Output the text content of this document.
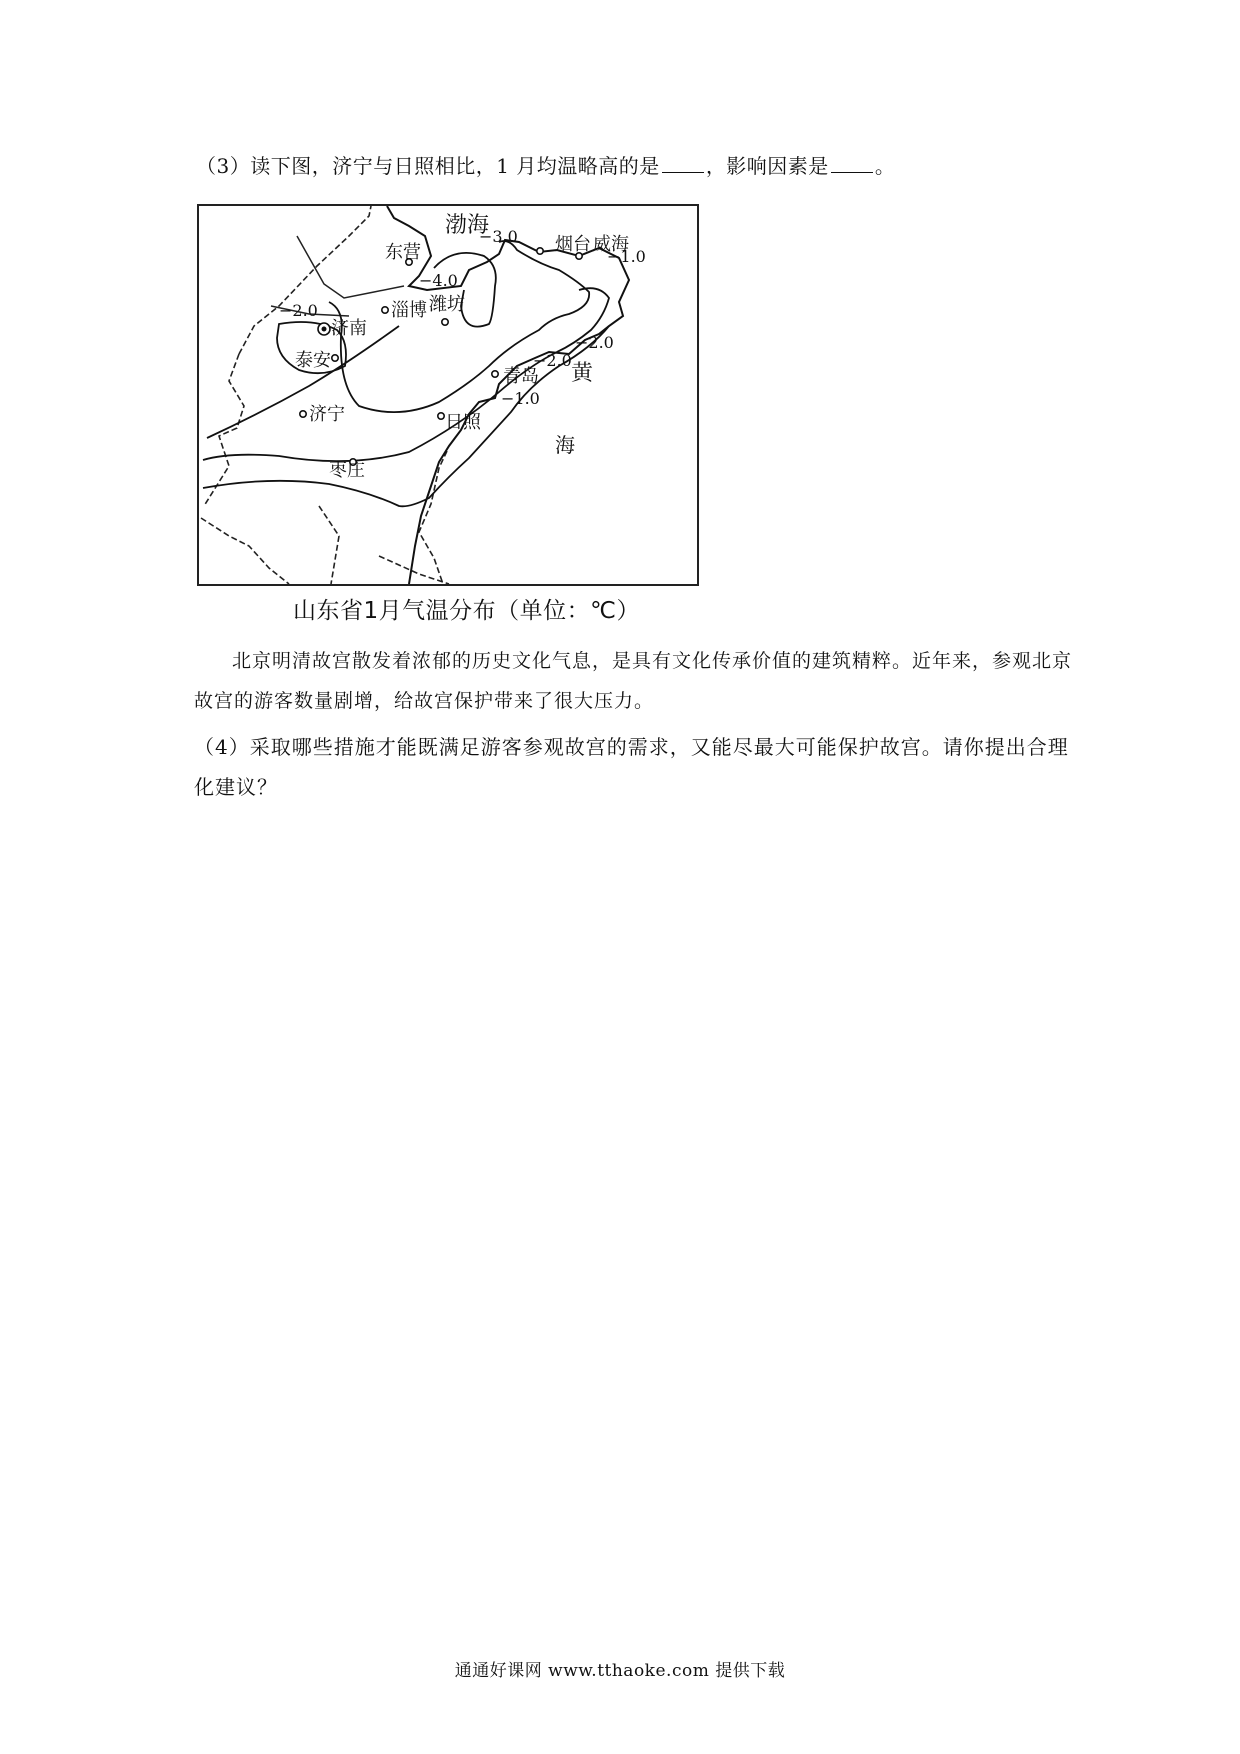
（3）读下图，济宁与日照相比，1 月均温略高的是 ，影响因素是 。
渤海
黄
海
东营	烟台 威海
济南
淄博 潍坊
泰安
青岛
济宁	日照
枣庄
−3.0
−4.0
−1.0
−2.0
−2.0
−2.0
−1.0
山东省1月气温分布（单位：℃）
北京明清故宫散发着浓郁的历史文化气息，是具有文化传承价值的建筑精粹。近年来，参观北京故宫的游客数量剧增，给故宫保护带来了很大压力。
（4）采取哪些措施才能既满足游客参观故宫的需求，又能尽最大可能保护故宫。请你提出合理化建议？
通通好课网 www.tthaoke.com 提供下载
